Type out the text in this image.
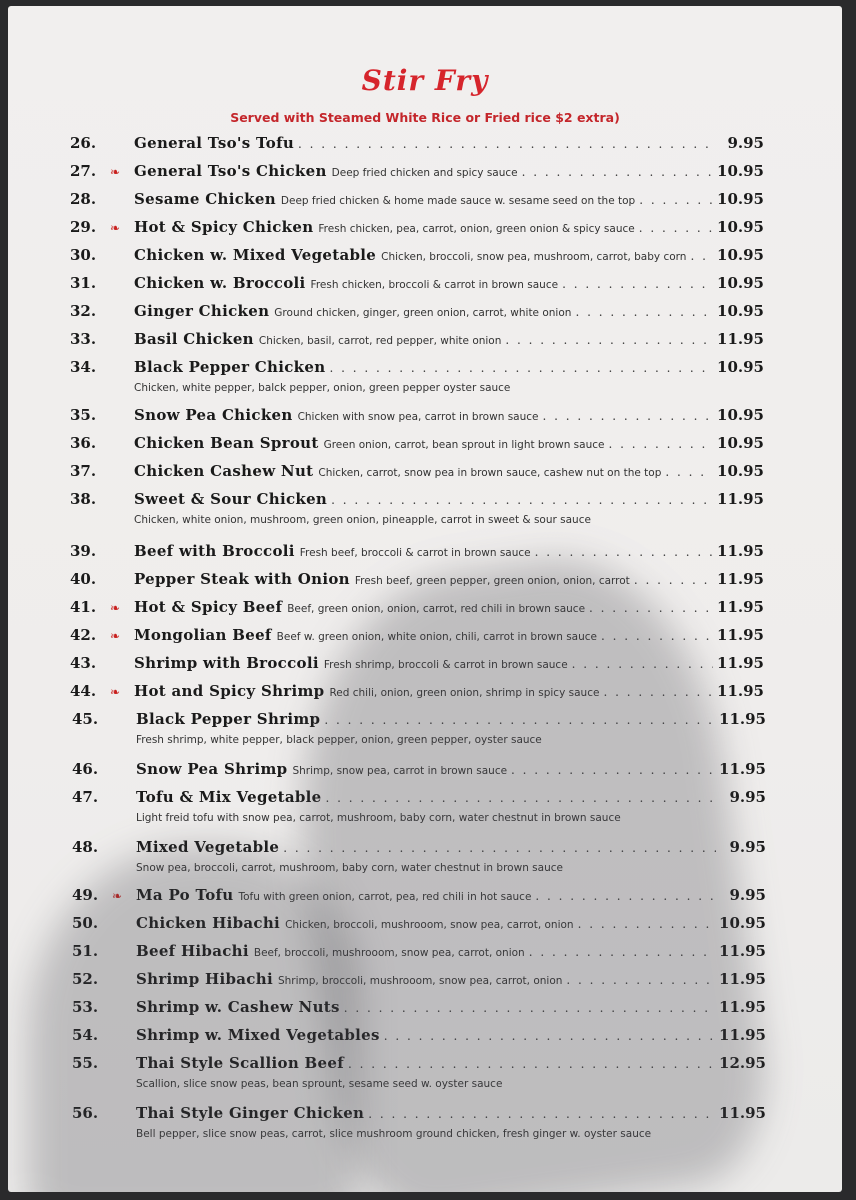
Stir Fry
Served with Steamed White Rice or Fried rice $2 extra)
26.	General Tso's Tofu . . .	9.95
27.	❧ General Tso's Chicken Deep fried chicken and spicy sauce . . .	10.95
28.	Sesame Chicken Deep fried chicken & home made sauce w. sesame seed on the top . . .	10.95
29.	❧ Hot & Spicy Chicken Fresh chicken, pea, carrot, onion, green onion & spicy sauce . . .	10.95
30.	Chicken w. Mixed Vegetable Chicken, broccoli, snow pea, mushroom, carrot, baby corn . . . 10.95
31.	Chicken w. Broccoli Fresh chicken, broccoli & carrot in brown sauce . . .	10.95
32.	Ginger Chicken Ground chicken, ginger, green onion, carrot, white onion . . .	10.95
33.	Basil Chicken Chicken, basil, carrot, red pepper, white onion . . .	11.95
34.	Black Pepper Chicken . . .	10.95
Chicken, white pepper, balck pepper, onion, green pepper oyster sauce
35.	Snow Pea Chicken Chicken with snow pea, carrot in brown sauce . . .	10.95
36.	Chicken Bean Sprout Green onion, carrot, bean sprout in light brown sauce . . .	10.95
37.	Chicken Cashew Nut Chicken, carrot, snow pea in brown sauce, cashew nut on the top . . .	10.95
38.	Sweet & Sour Chicken . . .	11.95
Chicken, white onion, mushroom, green onion, pineapple, carrot in sweet & sour sauce
39.	Beef with Broccoli Fresh beef, broccoli & carrot in brown sauce . . .	11.95
40.	Pepper Steak with Onion Fresh beef, green pepper, green onion, onion, carrot . . .	11.95
41.	❧ Hot & Spicy Beef Beef, green onion, onion, carrot, red chili in brown sauce . . .	11.95
42.	❧ Mongolian Beef Beef w. green onion, white onion, chili, carrot in brown sauce . . .	11.95
43.	Shrimp with Broccoli Fresh shrimp, broccoli & carrot in brown sauce . . .	11.95
44.	❧ Hot and Spicy Shrimp Red chili, onion, green onion, shrimp in spicy sauce . . .	11.95
45.	Black Pepper Shrimp . . .	11.95
Fresh shrimp, white pepper, black pepper, onion, green pepper, oyster sauce
46.	Snow Pea Shrimp Shrimp, snow pea, carrot in brown sauce . . .	11.95
47.	Tofu & Mix Vegetable . . .	9.95
Light freid tofu with snow pea, carrot, mushroom, baby corn, water chestnut in brown sauce
48.	Mixed Vegetable . . .	9.95
Snow pea, broccoli, carrot, mushroom, baby corn, water chestnut in brown sauce
49.	❧ Ma Po Tofu Tofu with green onion, carrot, pea, red chili in hot sauce . . .	9.95
50.	Chicken Hibachi Chicken, broccoli, mushrooom, snow pea, carrot, onion . . .	10.95
51.	Beef Hibachi Beef, broccoli, mushrooom, snow pea, carrot, onion . . .	11.95
52.	Shrimp Hibachi Shrimp, broccoli, mushrooom, snow pea, carrot, onion . . .	11.95
53.	Shrimp w. Cashew Nuts . . .	11.95
54.	Shrimp w. Mixed Vegetables . . .	11.95
55.	Thai Style Scallion Beef . . .	12.95
Scallion, slice snow peas, bean sprount, sesame seed w. oyster sauce
56.	Thai Style Ginger Chicken . . .	11.95
Bell pepper, slice snow peas, carrot, slice mushroom ground chicken, fresh ginger w. oyster sauce
